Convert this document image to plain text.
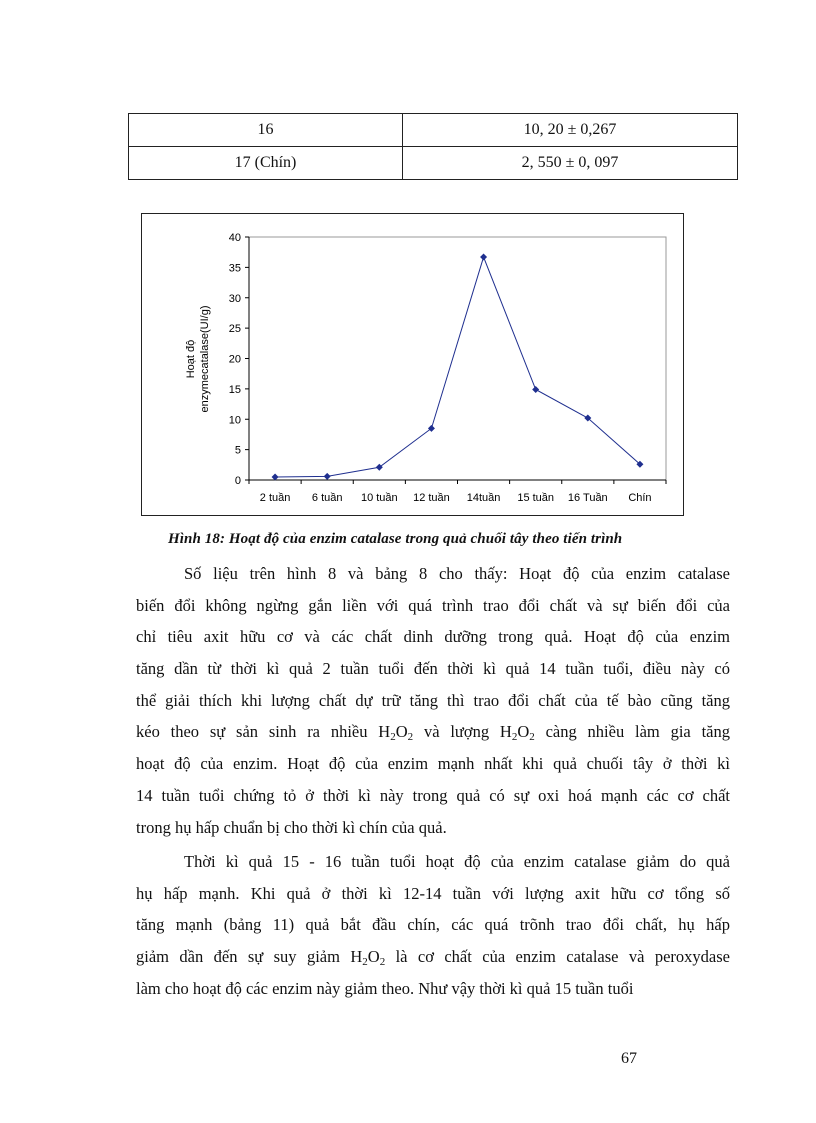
16	10, 20 ± 0,267
17 (Chín)	2, 550 ± 0, 097
Hoạt độ enzymecatalase(UI/g)
0
5
10
15
20
25
30
35
40
2 tuần 6 tuần 10 tuần 12 tuần 14tuần 15 tuần 16 Tuần Chín
Hình 18: Hoạt độ của enzim catalase trong quả chuối tây theo tiến trình
Số liệu trên hình 8 và bảng 8 cho thấy: Hoạt độ của enzim catalase
biến đổi không ngừng gắn liền với quá trình trao đổi chất và sự biến đổi của
chỉ tiêu axit hữu cơ và các chất dinh dưỡng trong quả. Hoạt độ của enzim
tăng dần từ thời kì quả 2 tuần tuổi đến thời kì quả 14 tuần tuổi, điều này có
thể giải thích khi lượng chất dự trữ tăng thì trao đổi chất của tế bào cũng tăng
kéo theo sự sản sinh ra nhiều $H_2O_2$ và lượng $H_2O_2$ càng nhiều làm gia tăng
hoạt độ của enzim. Hoạt độ của enzim mạnh nhất khi quả chuối tây ở thời kì
14 tuần tuổi chứng tỏ ở thời kì này trong quả có sự oxi hoá mạnh các cơ chất
trong hụ hấp chuẩn bị cho thời kì chín của quả.
Thời kì quả 15 - 16 tuần tuổi hoạt độ của enzim catalase giảm do quả
hụ hấp mạnh. Khi quả ở thời kì 12-14 tuần với lượng axit hữu cơ tổng số
tăng mạnh (bảng 11) quả bắt đầu chín, các quá trõnh trao đổi chất, hụ hấp
giảm dần đến sự suy giảm $H_2O_2$ là cơ chất của enzim catalase và peroxydase
làm cho hoạt độ các enzim này giảm theo. Như vậy thời kì quả 15 tuần tuổi
67
